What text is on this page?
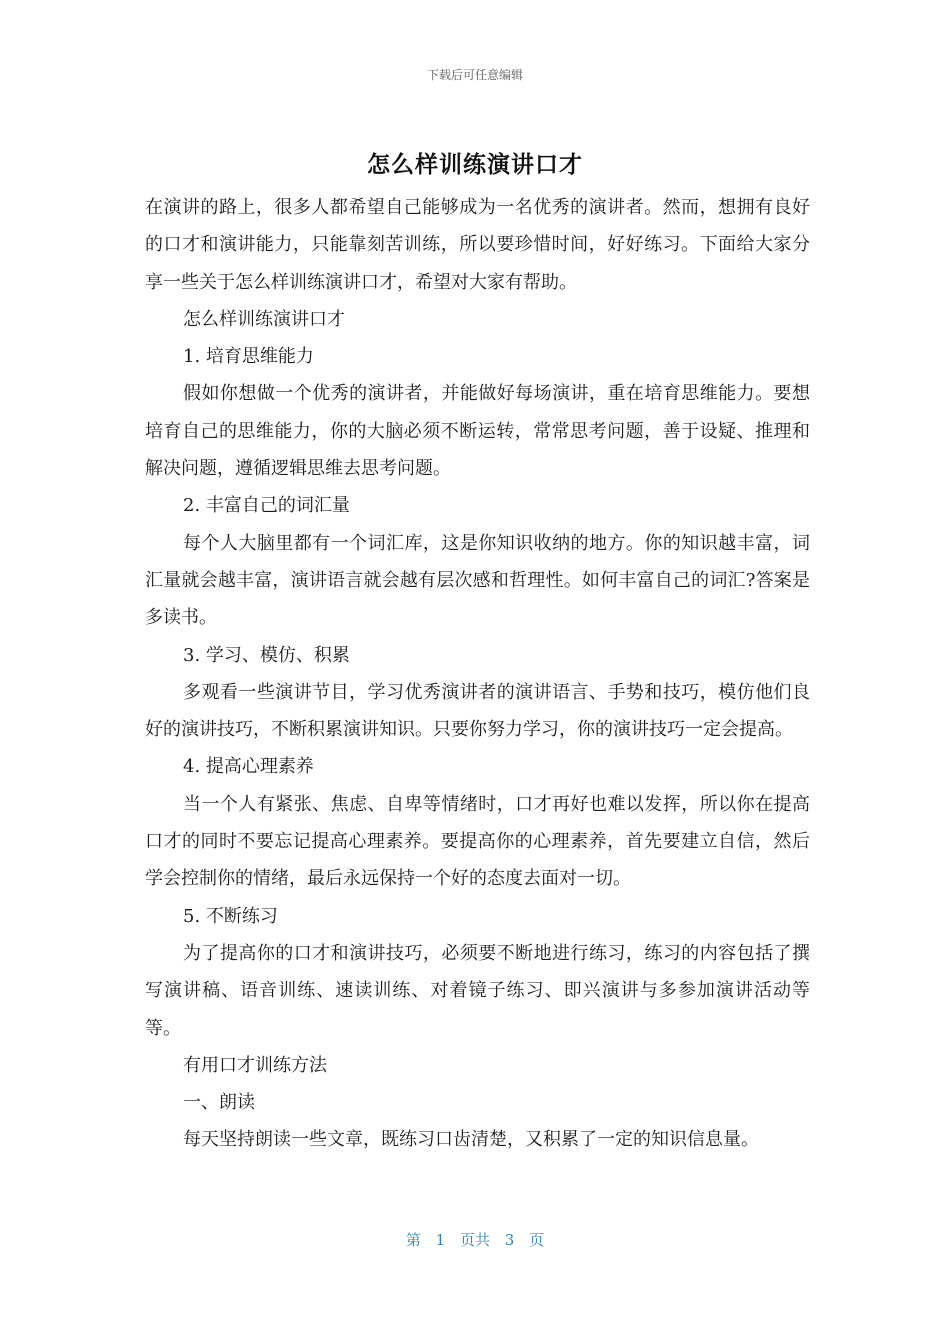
下载后可任意编辑
怎么样训练演讲口才

在演讲的路上，很多人都希望自己能够成为一名优秀的演讲者。然而，想拥有良好的口才和演讲能力，只能靠刻苦训练，所以要珍惜时间，好好练习。下面给大家分享一些关于怎么样训练演讲口才，希望对大家有帮助。

怎么样训练演讲口才

1. 培育思维能力

假如你想做一个优秀的演讲者，并能做好每场演讲，重在培育思维能力。要想培育自己的思维能力，你的大脑必须不断运转，常常思考问题，善于设疑、推理和解决问题，遵循逻辑思维去思考问题。

2. 丰富自己的词汇量

每个人大脑里都有一个词汇库，这是你知识收纳的地方。你的知识越丰富，词汇量就会越丰富，演讲语言就会越有层次感和哲理性。如何丰富自己的词汇?答案是多读书。

3. 学习、模仿、积累

多观看一些演讲节目，学习优秀演讲者的演讲语言、手势和技巧，模仿他们良好的演讲技巧，不断积累演讲知识。只要你努力学习，你的演讲技巧一定会提高。

4. 提高心理素养

当一个人有紧张、焦虑、自卑等情绪时，口才再好也难以发挥，所以你在提高口才的同时不要忘记提高心理素养。要提高你的心理素养，首先要建立自信，然后学会控制你的情绪，最后永远保持一个好的态度去面对一切。

5. 不断练习

为了提高你的口才和演讲技巧，必须要不断地进行练习，练习的内容包括了撰写演讲稿、语音训练、速读训练、对着镜子练习、即兴演讲与多参加演讲活动等等。

有用口才训练方法

一、朗读

每天坚持朗读一些文章，既练习口齿清楚，又积累了一定的知识信息量。

第 1 页共 3 页
